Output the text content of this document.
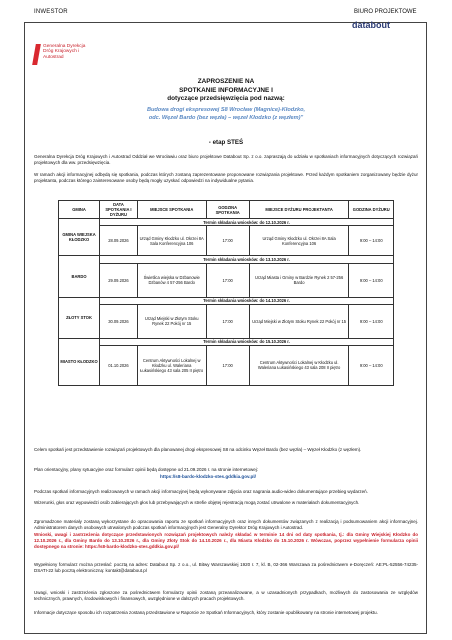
INWESTOR	BIURO PROJEKTOWE
Generalna Dyrekcja
Dróg Krajowych i Autostrad
databout
ZAPROSZENIE NA
SPOTKANIE INFORMACYJNE I
dotyczące przedsięwzięcia pod nazwą:
Budowa drogi ekspresowej S8 Wrocław (Magnice)-Kłodzko,
odc. Węzeł Bardo (bez węzła) – węzeł Kłodzko (z węzłem)"
- etap STEŚ
Generalna Dyrekcja Dróg Krajowych i Autostrad Oddział we Wrocławiu oraz biuro projektowe Databout Sp. z o.o. zapraszają do udziału w spotkaniach informacyjnych dotyczących rozwiązań projektowych dla ww. przedsięwzięcia.
W ramach akcji informacyjnej odbędą się spotkania, podczas których zostaną zaprezentowane proponowane rozwiązania projektowe. Przed każdym spotkaniem zorganizowany będzie dyżur projektanta, podczas którego zainteresowane osoby będą mogły uzyskać odpowiedzi na indywidualne pytania.
GMINA	DATA SPOTKANIA I DYŻURU	MIEJSCE SPOTKANIA	GODZINA SPOTKANIA	MIEJSCE DYŻURU PROJEKTANTA	GODZINA DYŻURU
GMINA WIEJSKA KŁODZKO	Termin składania wniosków: do 12.10.2026 r.				
	28.09.2026	Urząd Gminy Kłodzko ul. Okrzei 8A Sala Konferencyjna 106	17:00	Urząd Gminy Kłodzko ul. Okrzei 8A Sala Konferencyjna 106	9:00 – 14:00
BARDO	Termin składania wniosków: do 13.10.2026 r.				
	29.09.2026	Świetlica wiejska w Dzbanowie Dzbanów 4 57-256 Bardo	17:00	Urząd Miasta i Gminy w Bardzie Rynek 2 57-256 Bardo	9:00 – 14:00
ZŁOTY STOK	Termin składania wniosków: do 14.10.2026 r.				
	30.09.2026	Urząd Miejski w Złotym Stoku Rynek 22 Pokój nr 15	17:00	Urząd Miejski w Złotym Stoku Rynek 22 Pokój nr 15	9:00 – 14:00
MIASTO KŁODZKO	Termin składania wniosków: do 15.10.2026 r.				
	01.10.2026	Centrum Aktywności Lokalnej w Kłodzku ul. Walerianа Łukasińskiego 43 sala 205 II piętro	17:00	Centrum Aktywności Lokalnej w Kłodzku ul. Walerianа Łukasińskiego 43 sala 208 II piętro	9:00 – 14:00
Celem spotkań jest przedstawienie rozwiązań projektowych dla planowanej drogi ekspresowej S8 na odcinku Węzeł Bardo (bez węzła) – Węzeł Kłodzko (z węzłem).
Plan orientacyjny, plany sytuacyjne oraz formularz opinii będą dostępne od 21.09.2026 r. na stronie internetowej:
https://s8-bardo-klodzko-stes.gddkia.gov.pl/
Podczas spotkań informacyjnych realizowanych w ramach akcji informacyjnej będą wykonywane zdjęcia oraz nagrania audio-wideo dokumentujące przebieg wydarzeń.
Wizerunki, głos oraz wypowiedzi osób zabierających głos lub przebywających w strefie objętej rejestracją mogą zostać utrwalone w materiałach dokumentacyjnych.
Zgromadzone materiały zostaną wykorzystane do opracowania raportu ze spotkań informacyjnych oraz innych dokumentów związanych z realizacją i podsumowaniem akcji informacyjnej. Administratorem danych osobowych utrwalonych podczas spotkań informacyjnych jest Generalny Dyrektor Dróg Krajowych i Autostrad.
Wnioski, uwagi i zastrzeżenia dotyczące przedstawionych rozwiązań projektowych należy składać w terminie 14 dni od daty spotkania, tj.: dla Gminy Wiejskiej Kłodzko do 12.10.2026 r., dla Gminy Bardo do 13.10.2026 r., dla Gminy Złoty Stok do 14.10.2026 r., dla Miasta Kłodzko do 15.10.2026 r. Wówczas, poprzez wypełnienie formularza opinii dostępnego na stronie: https://s8-bardo-klodzko-stes.gddkia.gov.pl/
Wypełniony formularz można przesłać: pocztą na adres: Databout Sp. z o.o., ul. Bitwy Warszawskiej 1920 r. 7, kl. B, 02-366 Warszawa za pośrednictwem e-Doręczeń: AE:PL-52556-74235-DSATI-22 lub pocztą elektroniczną: kontakt@databout.pl
Uwagi, wnioski i zastrzeżenia zgłoszone za pośrednictwem formularzy opinii zostaną przeanalizowane, a w uzasadnionych przypadkach, możliwych do zastosowania ze względów technicznych, prawnych, środowiskowych i finansowych, uwzględnione w dalszych pracach projektowych.
Informacje dotyczące sposobu ich rozpatrzenia zostaną przedstawione w Raporcie ze Spotkań Informacyjnych, który zostanie opublikowany na stronie internetowej projektu.
